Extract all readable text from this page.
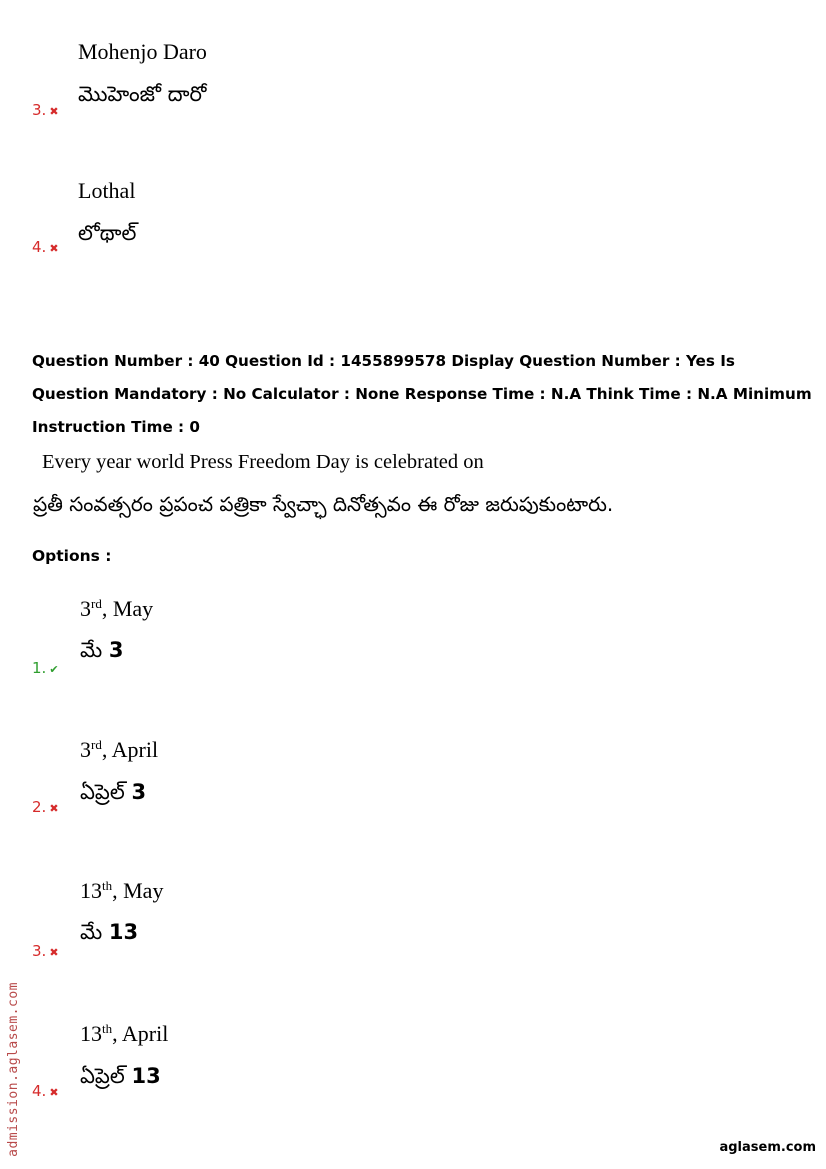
Mohenjo Daro
మొహెంజో దారో
3. ✖
Lothal
లోథాల్
4. ✖
Question Number : 40 Question Id : 1455899578 Display Question Number : Yes Is Question Mandatory : No Calculator : None Response Time : N.A Think Time : N.A Minimum Instruction Time : 0
Every year world Press Freedom Day is celebrated on
ప్రతీ సంవత్సరం ప్రపంచ పత్రికా స్వేచ్ఛా దినోత్సవం ఈ రోజు జరుపుకుంటారు.
Options :
3rd, May
మే 3
1. ✔
3rd, April
ఏప్రెల్ 3
2. ✖
13th, May
మే 13
3. ✖
13th, April
ఏప్రెల్ 13
4. ✖
admission.aglasem.com	aglasem.com
